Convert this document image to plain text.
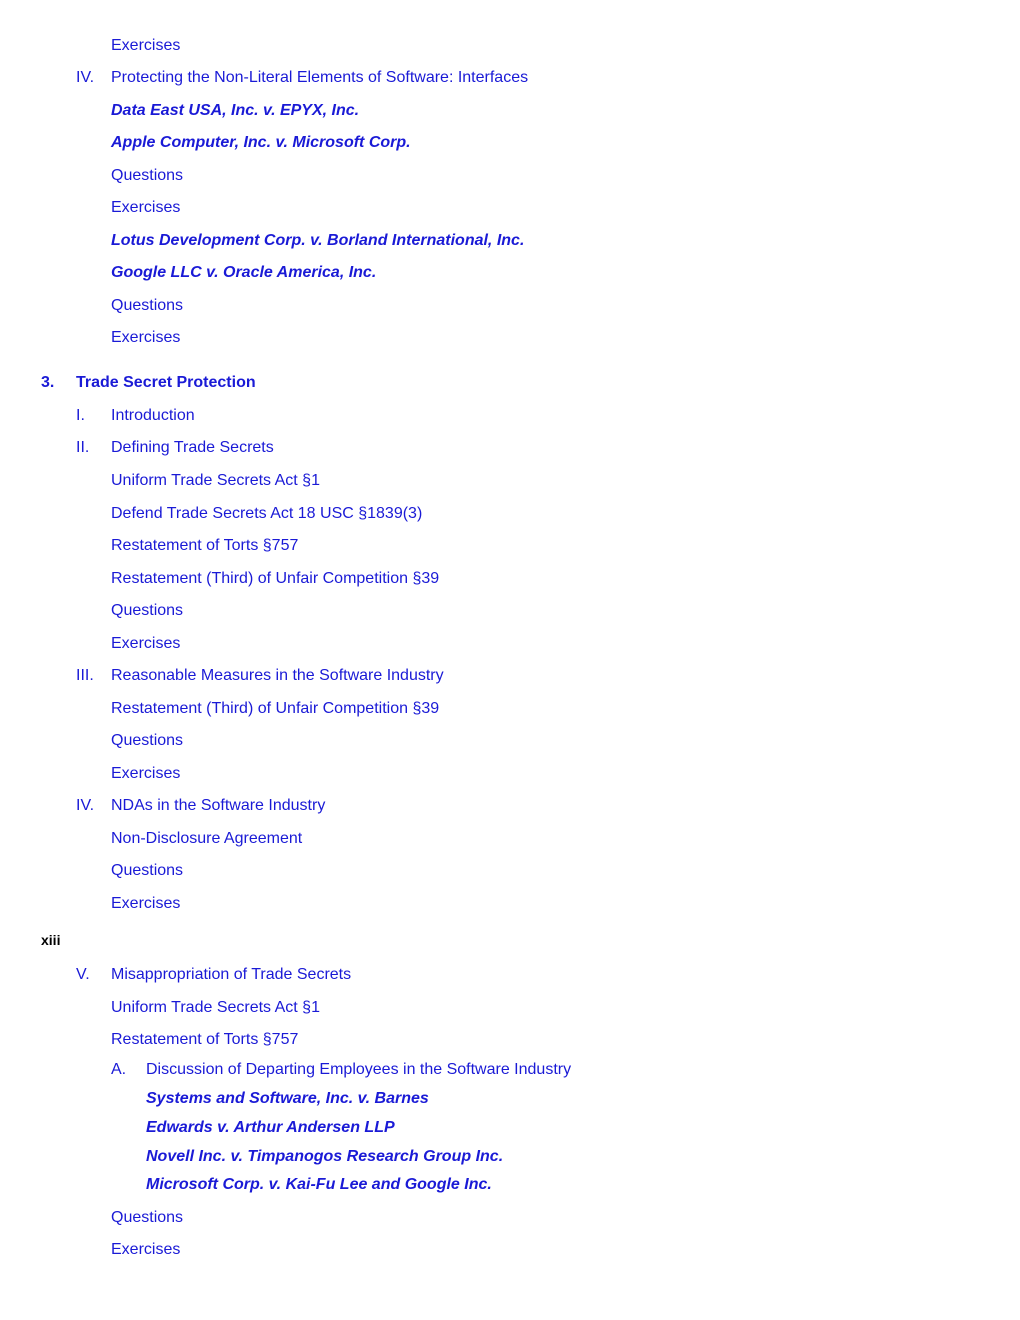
Exercises
IV. Protecting the Non-Literal Elements of Software: Interfaces
Data East USA, Inc. v. EPYX, Inc.
Apple Computer, Inc. v. Microsoft Corp.
Questions
Exercises
Lotus Development Corp. v. Borland International, Inc.
Google LLC v. Oracle America, Inc.
Questions
Exercises
3. Trade Secret Protection
I. Introduction
II. Defining Trade Secrets
Uniform Trade Secrets Act §1
Defend Trade Secrets Act 18 USC §1839(3)
Restatement of Torts §757
Restatement (Third) of Unfair Competition §39
Questions
Exercises
III. Reasonable Measures in the Software Industry
Restatement (Third) of Unfair Competition §39
Questions
Exercises
IV. NDAs in the Software Industry
Non-Disclosure Agreement
Questions
Exercises
xiii
V. Misappropriation of Trade Secrets
Uniform Trade Secrets Act §1
Restatement of Torts §757
A. Discussion of Departing Employees in the Software Industry
Systems and Software, Inc. v. Barnes
Edwards v. Arthur Andersen LLP
Novell Inc. v. Timpanogos Research Group Inc.
Microsoft Corp. v. Kai-Fu Lee and Google Inc.
Questions
Exercises
